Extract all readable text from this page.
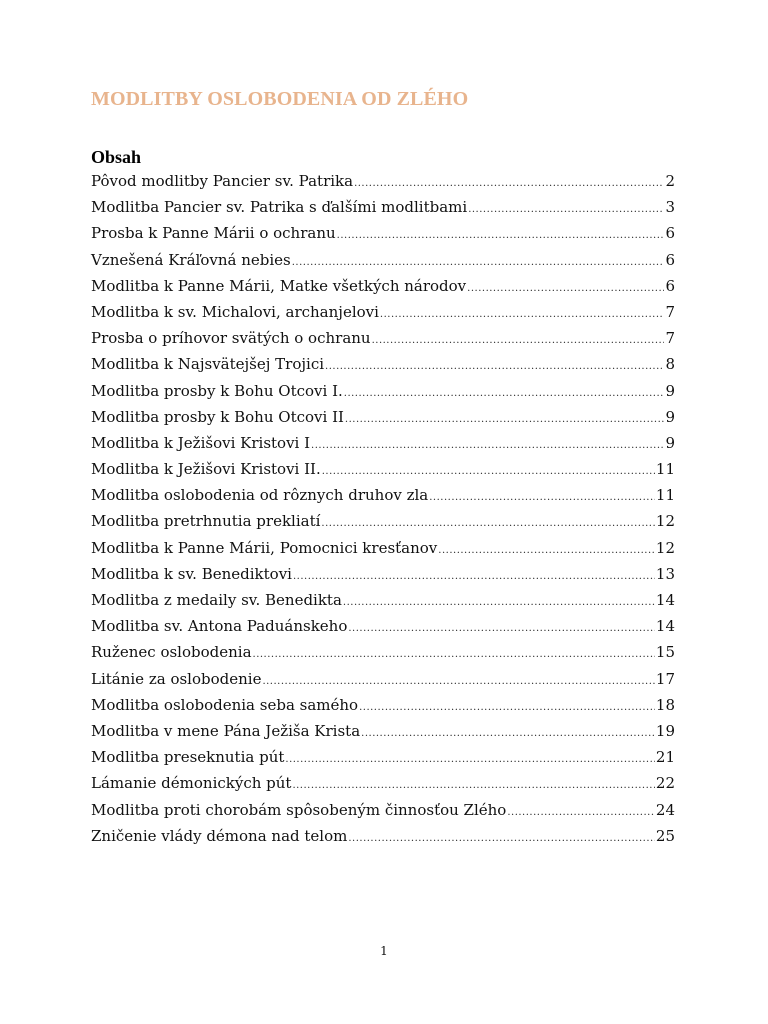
MODLITBY OSLOBODENIA OD ZLÉHO
Obsah
Pôvod modlitby Pancier sv. Patrika .....	2
Modlitba Pancier sv. Patrika s ďalšími modlitbami .....	3
Prosba k Panne Márii o ochranu .....	6
Vznešená Kráľovná nebies .....	6
Modlitba k Panne Márii, Matke všetkých národov .....	6
Modlitba k sv. Michalovi, archanjelovi .....	7
Prosba o príhovor svätých o ochranu .....	7
Modlitba k Najsvätejšej Trojici .....	8
Modlitba prosby k Bohu Otcovi I. .....	9
Modlitba prosby k Bohu Otcovi II .....	9
Modlitba k Ježišovi Kristovi I .....	9
Modlitba k Ježišovi Kristovi II. .....	11
Modlitba oslobodenia od rôznych druhov zla .....	11
Modlitba pretrhnutia prekliatí .....	12
Modlitba k Panne Márii, Pomocnici kresťanov .....	12
Modlitba k sv. Benediktovi .....	13
Modlitba z medaily sv. Benedikta .....	14
Modlitba sv. Antona Paduánskeho .....	14
Ruženec oslobodenia .....	15
Litánie za oslobodenie .....	17
Modlitba oslobodenia seba samého .....	18
Modlitba v mene Pána Ježiša Krista .....	19
Modlitba preseknutia pút .....	21
Lámanie démonických pút .....	22
Modlitba proti chorobám spôsobeným činnosťou Zlého .....	24
Zničenie vlády démona nad telom .....	25
1
